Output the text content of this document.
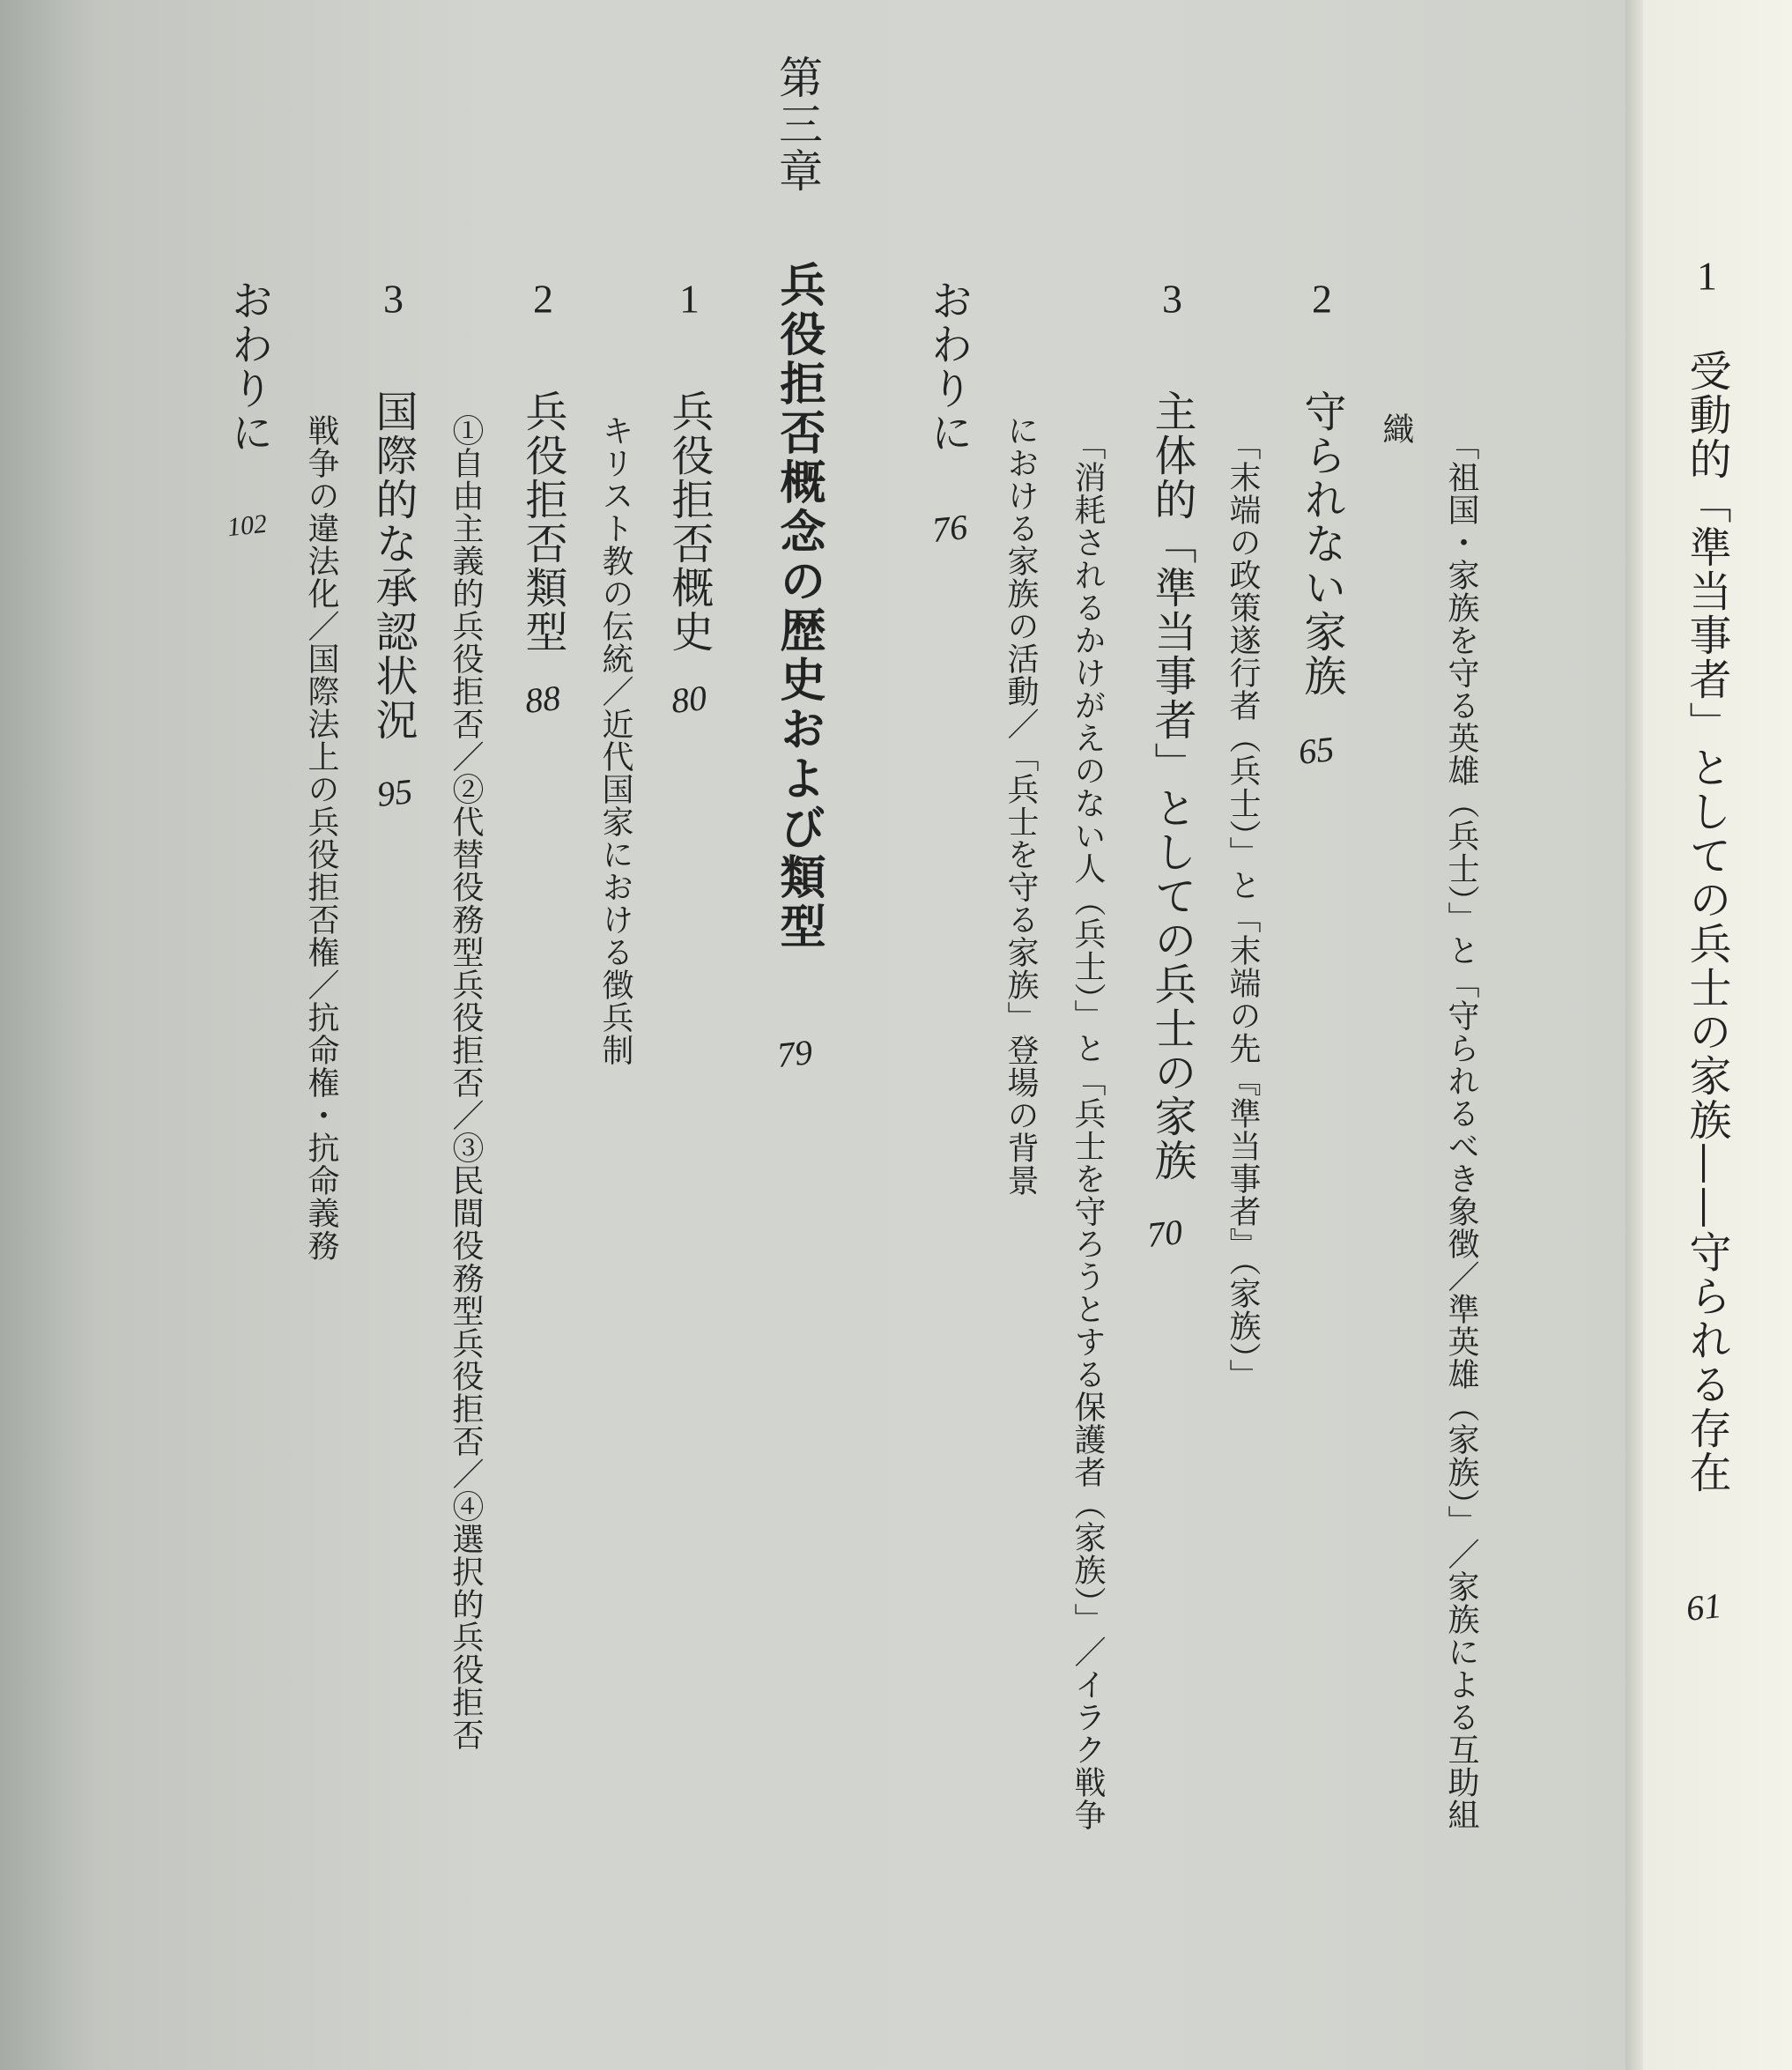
1受動的「準当事者」としての兵士の家族——守られる存在
61
「祖国・家族を守る英雄（兵士）」と「守られるべき象徴／準英雄（家族）」／家族による互助組
織
2守られない家族
65
「末端の政策遂行者（兵士）」と「末端の先『準当事者』（家族）」
3主体的「準当事者」としての兵士の家族
70
「消耗されるかけがえのない人（兵士）」と「兵士を守ろうとする保護者（家族）」／イラク戦争
における家族の活動／「兵士を守る家族」登場の背景
おわりに
76
第三章
兵役拒否概念の歴史および類型
79
1兵役拒否概史
80
キリスト教の伝統／近代国家における徴兵制
2兵役拒否類型
88
①自由主義的兵役拒否／②代替役務型兵役拒否／③民間役務型兵役拒否／④選択的兵役拒否
3国際的な承認状況
95
戦争の違法化／国際法上の兵役拒否権／抗命権・抗命義務
おわりに
102
